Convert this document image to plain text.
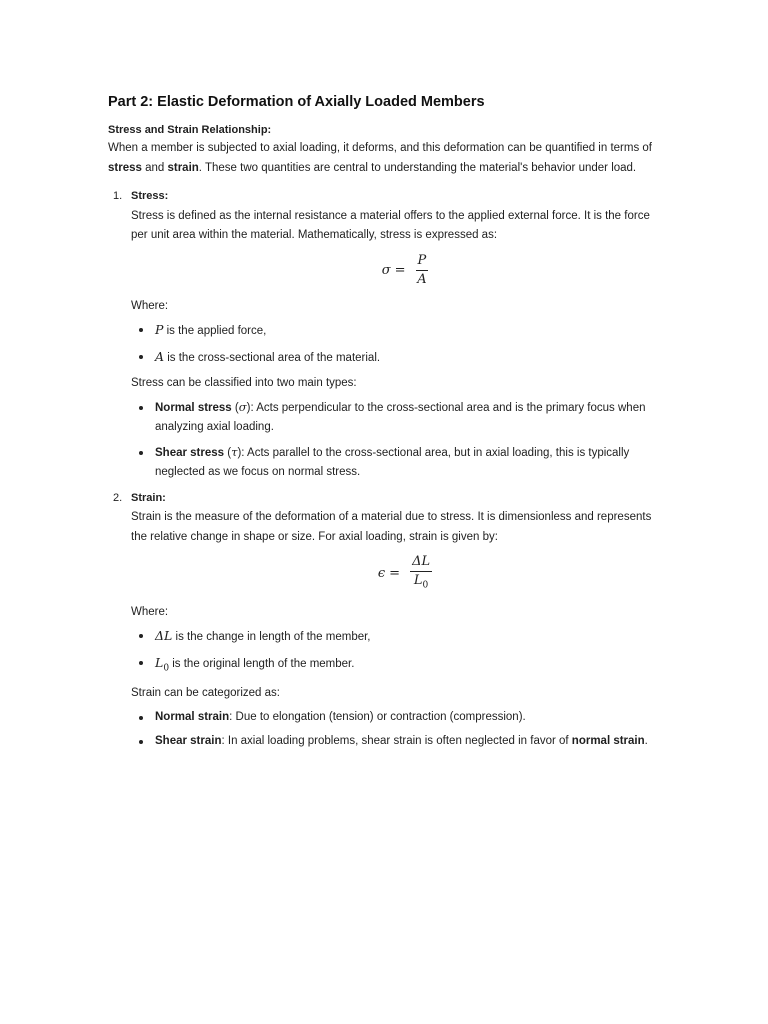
Part 2: Elastic Deformation of Axially Loaded Members

Stress and Strain Relationship:

When a member is subjected to axial loading, it deforms, and this deformation can be quantified in terms of stress and strain. These two quantities are central to understanding the material's behavior under load.

1. Stress:

Stress is defined as the internal resistance a material offers to the applied external force. It is the force per unit area within the material. Mathematically, stress is expressed as:

$\sigma = \frac{P}{A}$

Where:

P is the applied force,
A is the cross-sectional area of the material.

Stress can be classified into two main types:

Normal stress (σ): Acts perpendicular to the cross-sectional area and is the primary focus when analyzing axial loading.
Shear stress (τ): Acts parallel to the cross-sectional area, but in axial loading, this is typically neglected as we focus on normal stress.
2. Strain:

Strain is the measure of the deformation of a material due to stress. It is dimensionless and represents the relative change in shape or size. For axial loading, strain is given by:

$\epsilon = \frac{\Delta L}{L_0}$

Where:

ΔL is the change in length of the member,
$L_0$ is the original length of the member.

Strain can be categorized as:

Normal strain: Due to elongation (tension) or contraction (compression).
Shear strain: In axial loading problems, shear strain is often neglected in favor of normal strain.
